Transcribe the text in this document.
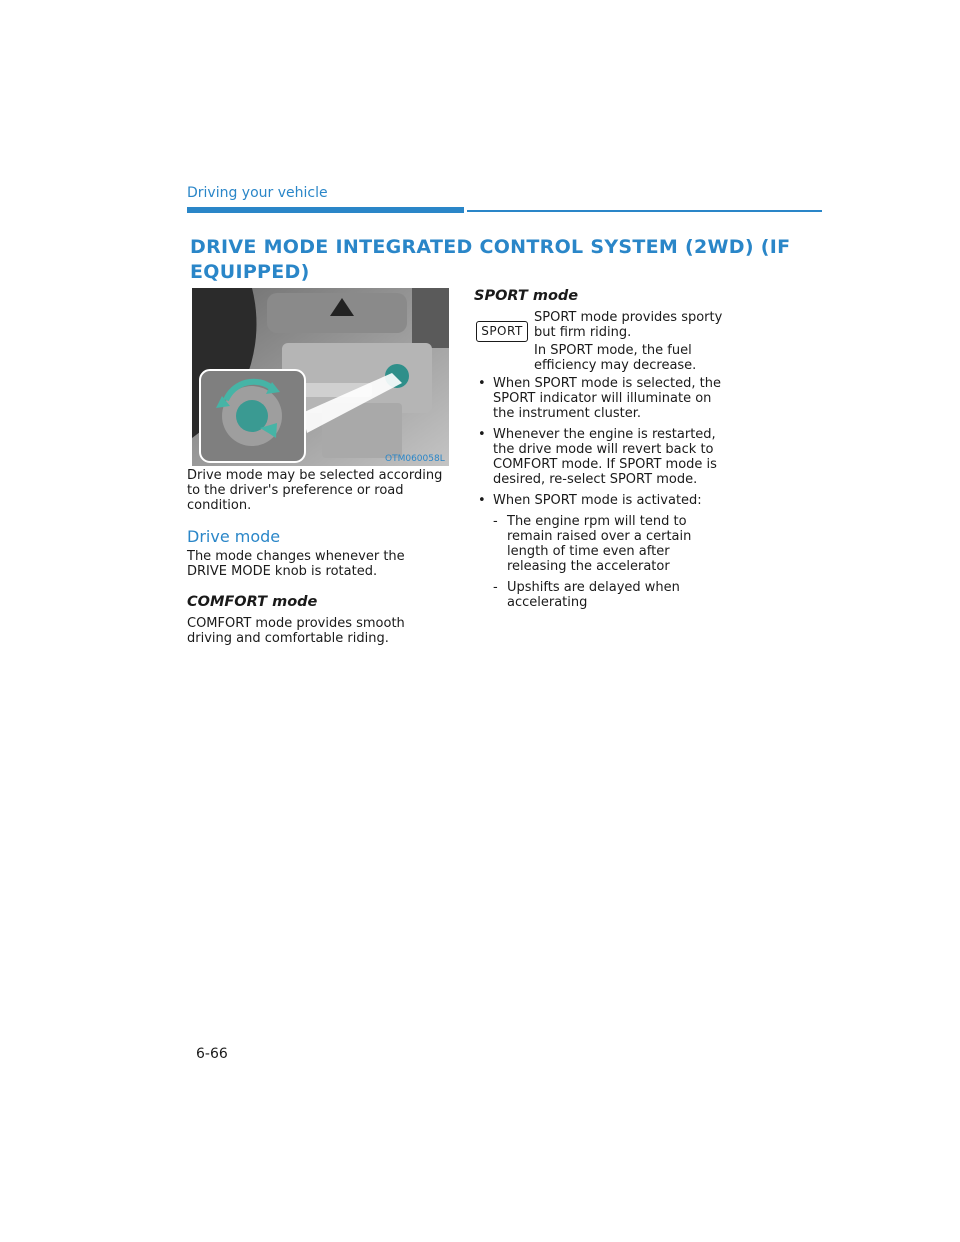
Driving your vehicle
DRIVE MODE INTEGRATED CONTROL SYSTEM (2WD) (IF EQUIPPED)
OTM060058L
Drive mode may be selected according to the driver's preference or road condition.
Drive mode
The mode changes whenever the DRIVE MODE knob is rotated.
COMFORT mode
COMFORT mode provides smooth driving and comfortable riding.
SPORT mode
SPORT
SPORT mode provides sporty but firm riding.
In SPORT mode, the fuel efficiency may decrease.
• When SPORT mode is selected, the SPORT indicator will illuminate on the instrument cluster.
• Whenever the engine is restarted, the drive mode will revert back to COMFORT mode. If SPORT mode is desired, re-select SPORT mode.
• When SPORT mode is activated:
- The engine rpm will tend to remain raised over a certain length of time even after releasing the accelerator
- Upshifts are delayed when accelerating
6-66
